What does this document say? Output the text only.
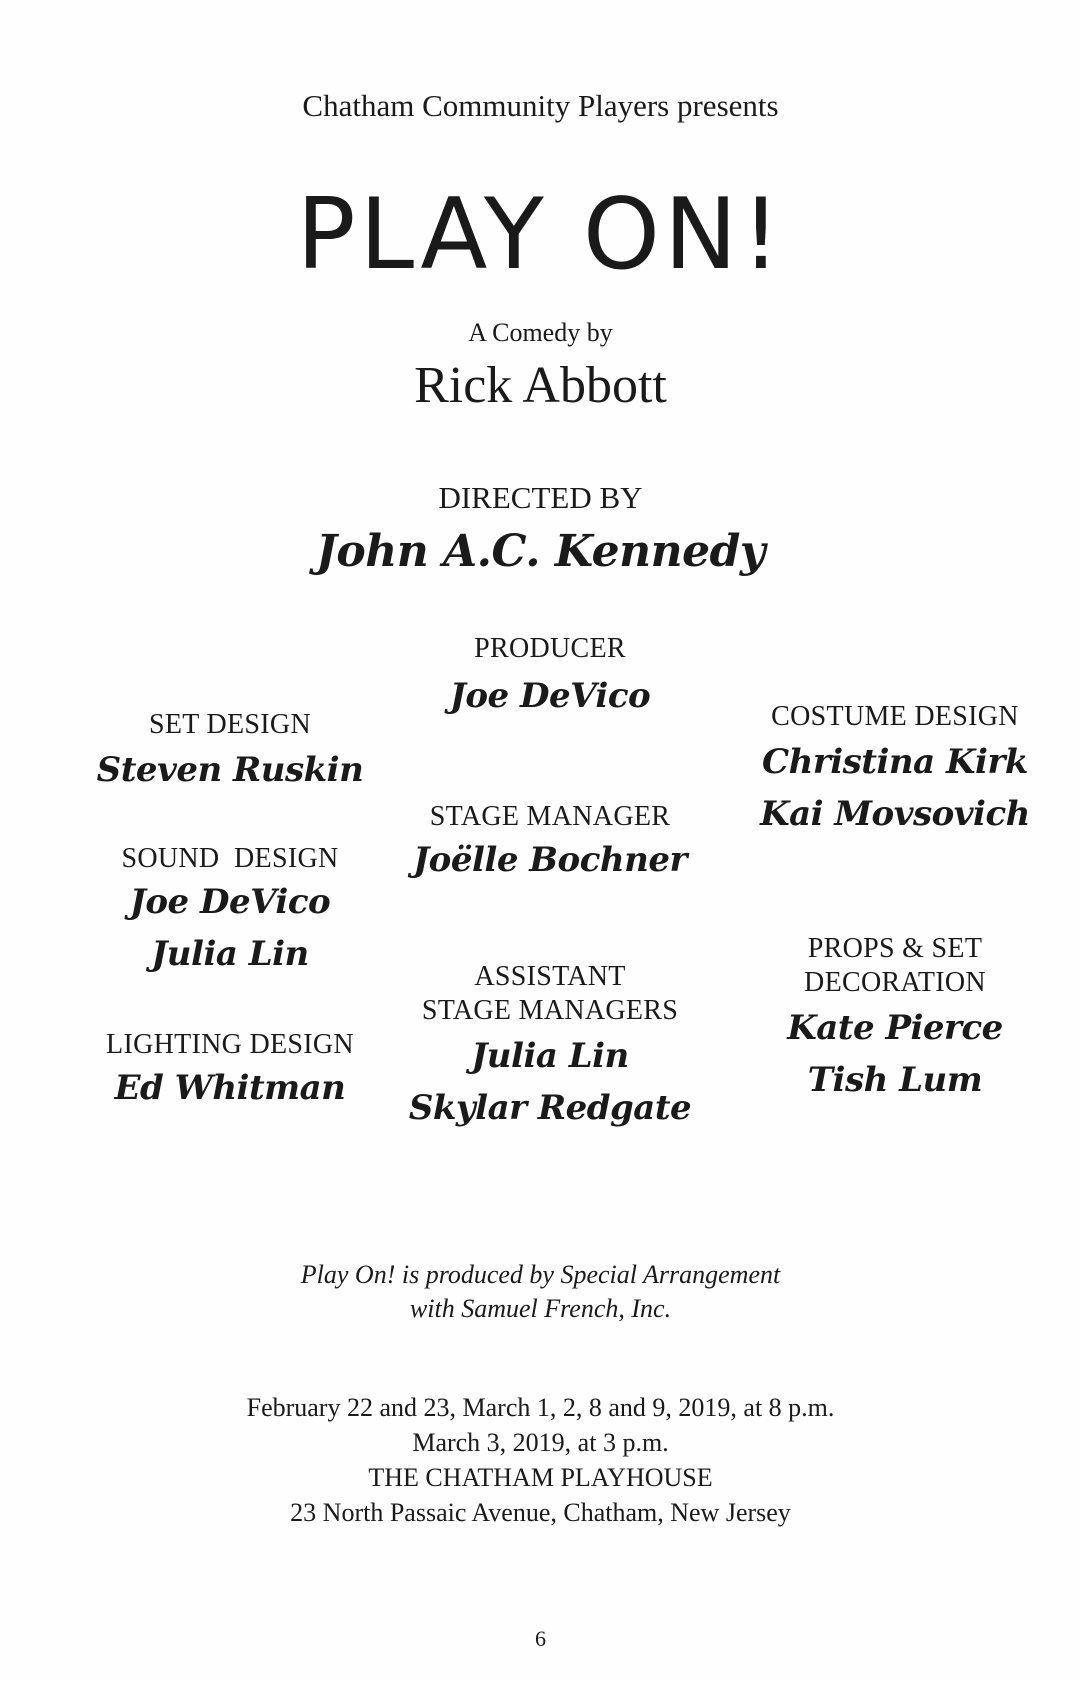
Chatham Community Players presents
PLAY ON!
A Comedy by
Rick Abbott
DIRECTED BY
John A.C. Kennedy
PRODUCER
Joe DeVico
SET DESIGN
Steven Ruskin
COSTUME DESIGN
Christina Kirk
Kai Movsovich
STAGE MANAGER
Joëlle Bochner
SOUND  DESIGN
Joe DeVico
Julia Lin	PROPS & SET
DECORATION
Kate Pierce
Tish Lum
ASSISTANT
STAGE MANAGERS
Julia Lin
Skylar Redgate
LIGHTING DESIGN
Ed Whitman
Play On! is produced by Special Arrangement
with Samuel French, Inc.
February 22 and 23, March 1, 2, 8 and 9, 2019, at 8 p.m.
March 3, 2019, at 3 p.m.
THE CHATHAM PLAYHOUSE
23 North Passaic Avenue, Chatham, New Jersey
6
